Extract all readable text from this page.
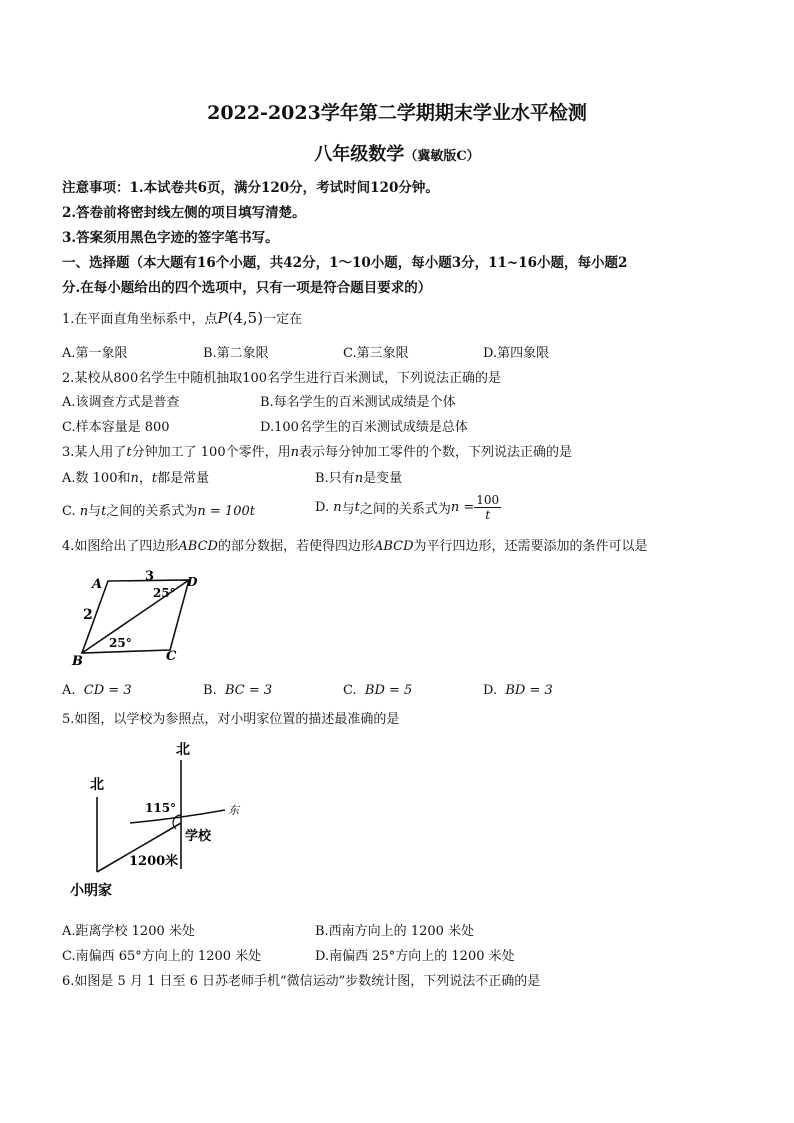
2022-2023学年第二学期期末学业水平检测
八年级数学（冀敏版C）
注意事项：1.本试卷共6页，满分120分，考试时间120分钟。
2.答卷前将密封线左侧的项目填写清楚。
3.答案须用黑色字迹的签字笔书写。
一、选择题（本大题有16个小题，共42分，1～10小题，每小题3分，11~16小题，每小题2
分.在每小题给出的四个选项中，只有一项是符合题目要求的）
1.在平面直角坐标系中，点P(4,5)一定在
A.第一象限	B.第二象限	C.第三象限	D.第四象限
2.某校从800名学生中随机抽取100名学生进行百米测试，下列说法正确的是
A.该调查方式是普查	B.每名学生的百米测试成绩是个体
C.样本容量是 800	D.100名学生的百米测试成绩是总体
3.某人用了t分钟加工了 100个零件，用n表示每分钟加工零件的个数，下列说法正确的是
A.数 100和n，t都是常量	B.只有n是变量
C. n与t之间的关系式为n = 100t	D.
n 与 t 之间的关系式为 $n = \frac{100}{t}$
4.如图给出了四边形ABCD的部分数据，若使得四边形ABCD为平行四边形，还需要添加的条件可以是
A	D
B	C
3
2
25°
25°
A. CD = 3	B. BC = 3	C. BD = 5	D. BD = 3
5.如图，以学校为参照点，对小明家位置的描述最准确的是
北
北
东
115°
学校
1200米
小明家
A.距离学校 1200 米处	B.西南方向上的 1200 米处
C.南偏西 65°方向上的 1200 米处	D.南偏西 25°方向上的 1200 米处
6.如图是 5 月 1 日至 6 日苏老师手机“微信运动”步数统计图，下列说法不正确的是
